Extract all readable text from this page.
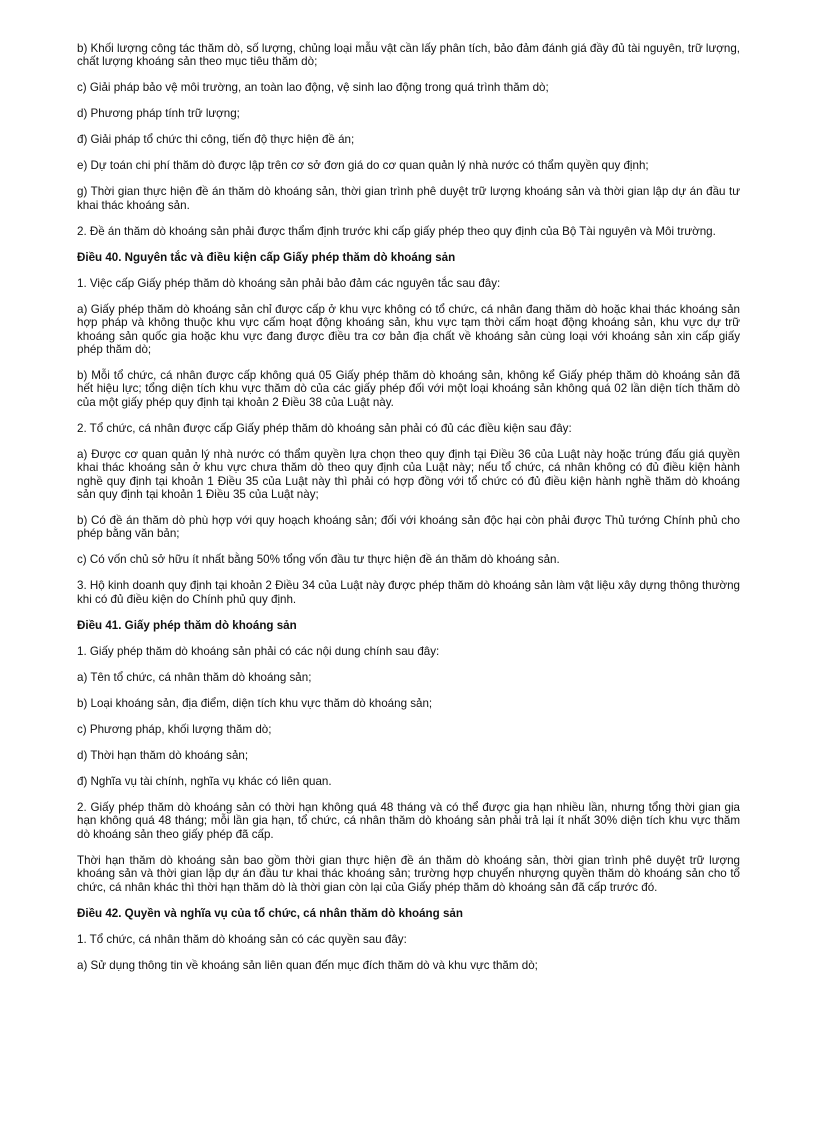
b) Khối lượng công tác thăm dò, số lượng, chủng loại mẫu vật cần lấy phân tích, bảo đảm đánh giá đầy đủ tài nguyên, trữ lượng, chất lượng khoáng sản theo mục tiêu thăm dò;

c) Giải pháp bảo vệ môi trường, an toàn lao động, vệ sinh lao động trong quá trình thăm dò;

d) Phương pháp tính trữ lượng;

đ) Giải pháp tổ chức thi công, tiến độ thực hiện đề án;

e) Dự toán chi phí thăm dò được lập trên cơ sở đơn giá do cơ quan quản lý nhà nước có thẩm quyền quy định;

g) Thời gian thực hiện đề án thăm dò khoáng sản, thời gian trình phê duyệt trữ lượng khoáng sản và thời gian lập dự án đầu tư khai thác khoáng sản.

2. Đề án thăm dò khoáng sản phải được thẩm định trước khi cấp giấy phép theo quy định của Bộ Tài nguyên và Môi trường.

Điều 40. Nguyên tắc và điều kiện cấp Giấy phép thăm dò khoáng sản

1. Việc cấp Giấy phép thăm dò khoáng sản phải bảo đảm các nguyên tắc sau đây:

a) Giấy phép thăm dò khoáng sản chỉ được cấp ở khu vực không có tổ chức, cá nhân đang thăm dò hoặc khai thác khoáng sản hợp pháp và không thuộc khu vực cấm hoạt động khoáng sản, khu vực tạm thời cấm hoạt động khoáng sản, khu vực dự trữ khoáng sản quốc gia hoặc khu vực đang được điều tra cơ bản địa chất về khoáng sản cùng loại với khoáng sản xin cấp giấy phép thăm dò;

b) Mỗi tổ chức, cá nhân được cấp không quá 05 Giấy phép thăm dò khoáng sản, không kể Giấy phép thăm dò khoáng sản đã hết hiệu lực; tổng diện tích khu vực thăm dò của các giấy phép đối với một loại khoáng sản không quá 02 lần diện tích thăm dò của một giấy phép quy định tại khoản 2 Điều 38 của Luật này.

2. Tổ chức, cá nhân được cấp Giấy phép thăm dò khoáng sản phải có đủ các điều kiện sau đây:

a) Được cơ quan quản lý nhà nước có thẩm quyền lựa chọn theo quy định tại Điều 36 của Luật này hoặc trúng đấu giá quyền khai thác khoáng sản ở khu vực chưa thăm dò theo quy định của Luật này; nếu tổ chức, cá nhân không có đủ điều kiện hành nghề quy định tại khoản 1 Điều 35 của Luật này thì phải có hợp đồng với tổ chức có đủ điều kiện hành nghề thăm dò khoáng sản quy định tại khoản 1 Điều 35 của Luật này;

b) Có đề án thăm dò phù hợp với quy hoạch khoáng sản; đối với khoáng sản độc hại còn phải được Thủ tướng Chính phủ cho phép bằng văn bản;

c) Có vốn chủ sở hữu ít nhất bằng 50% tổng vốn đầu tư thực hiện đề án thăm dò khoáng sản.

3. Hộ kinh doanh quy định tại khoản 2 Điều 34 của Luật này được phép thăm dò khoáng sản làm vật liệu xây dựng thông thường khi có đủ điều kiện do Chính phủ quy định.

Điều 41. Giấy phép thăm dò khoáng sản

1. Giấy phép thăm dò khoáng sản phải có các nội dung chính sau đây:

a) Tên tổ chức, cá nhân thăm dò khoáng sản;

b) Loại khoáng sản, địa điểm, diện tích khu vực thăm dò khoáng sản;

c) Phương pháp, khối lượng thăm dò;

d) Thời hạn thăm dò khoáng sản;

đ) Nghĩa vụ tài chính, nghĩa vụ khác có liên quan.

2. Giấy phép thăm dò khoáng sản có thời hạn không quá 48 tháng và có thể được gia hạn nhiều lần, nhưng tổng thời gian gia hạn không quá 48 tháng; mỗi lần gia hạn, tổ chức, cá nhân thăm dò khoáng sản phải trả lại ít nhất 30% diện tích khu vực thăm dò khoáng sản theo giấy phép đã cấp.

Thời hạn thăm dò khoáng sản bao gồm thời gian thực hiện đề án thăm dò khoáng sản, thời gian trình phê duyệt trữ lượng khoáng sản và thời gian lập dự án đầu tư khai thác khoáng sản; trường hợp chuyển nhượng quyền thăm dò khoáng sản cho tổ chức, cá nhân khác thì thời hạn thăm dò là thời gian còn lại của Giấy phép thăm dò khoáng sản đã cấp trước đó.

Điều 42. Quyền và nghĩa vụ của tổ chức, cá nhân thăm dò khoáng sản

1. Tổ chức, cá nhân thăm dò khoáng sản có các quyền sau đây:

a) Sử dụng thông tin về khoáng sản liên quan đến mục đích thăm dò và khu vực thăm dò;
